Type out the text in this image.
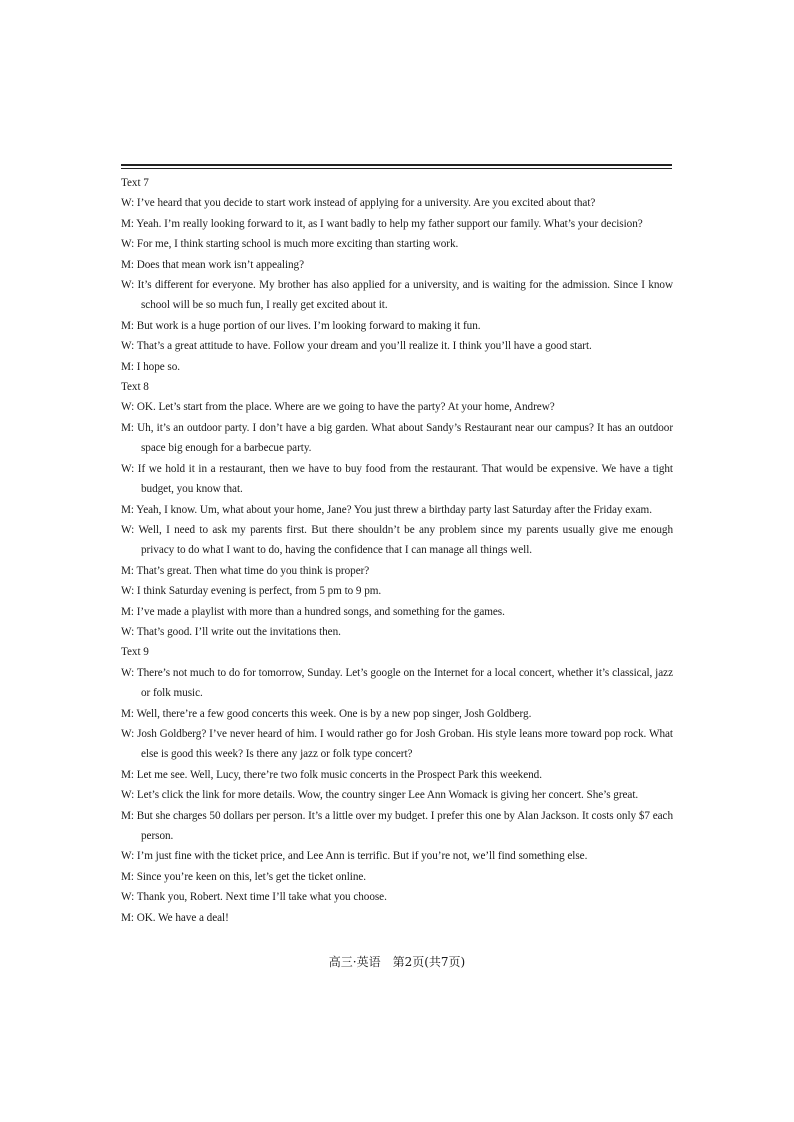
Text 7

W: I’ve heard that you decide to start work instead of applying for a university. Are you excited about that?

M: Yeah. I’m really looking forward to it, as I want badly to help my father support our family. What’s your decision?

W: For me, I think starting school is much more exciting than starting work.

M: Does that mean work isn’t appealing?

W: It’s different for everyone. My brother has also applied for a university, and is waiting for the admission. Since I know school will be so much fun, I really get excited about it.

M: But work is a huge portion of our lives. I’m looking forward to making it fun.

W: That’s a great attitude to have. Follow your dream and you’ll realize it. I think you’ll have a good start.

M: I hope so.

Text 8

W: OK. Let’s start from the place. Where are we going to have the party? At your home, Andrew?

M: Uh, it’s an outdoor party. I don’t have a big garden. What about Sandy’s Restaurant near our campus? It has an outdoor space big enough for a barbecue party.

W: If we hold it in a restaurant, then we have to buy food from the restaurant. That would be expensive. We have a tight budget, you know that.

M: Yeah, I know. Um, what about your home, Jane? You just threw a birthday party last Saturday after the Friday exam.

W: Well, I need to ask my parents first. But there shouldn’t be any problem since my parents usually give me enough privacy to do what I want to do, having the confidence that I can manage all things well.

M: That’s great. Then what time do you think is proper?

W: I think Saturday evening is perfect, from 5 pm to 9 pm.

M: I’ve made a playlist with more than a hundred songs, and something for the games.

W: That’s good. I’ll write out the invitations then.

Text 9

W: There’s not much to do for tomorrow, Sunday. Let’s google on the Internet for a local concert, whether it’s classical, jazz or folk music.

M: Well, there’re a few good concerts this week. One is by a new pop singer, Josh Goldberg.

W: Josh Goldberg? I’ve never heard of him. I would rather go for Josh Groban. His style leans more toward pop rock. What else is good this week? Is there any jazz or folk type concert?

M: Let me see. Well, Lucy, there’re two folk music concerts in the Prospect Park this weekend.

W: Let’s click the link for more details. Wow, the country singer Lee Ann Womack is giving her concert. She’s great.

M: But she charges 50 dollars per person. It’s a little over my budget. I prefer this one by Alan Jackson. It costs only $7 each person.

W: I’m just fine with the ticket price, and Lee Ann is terrific. But if you’re not, we’ll find something else.

M: Since you’re keen on this, let’s get the ticket online.

W: Thank you, Robert. Next time I’ll take what you choose.

M: OK. We have a deal!

高三·英语　第2页(共7页)
